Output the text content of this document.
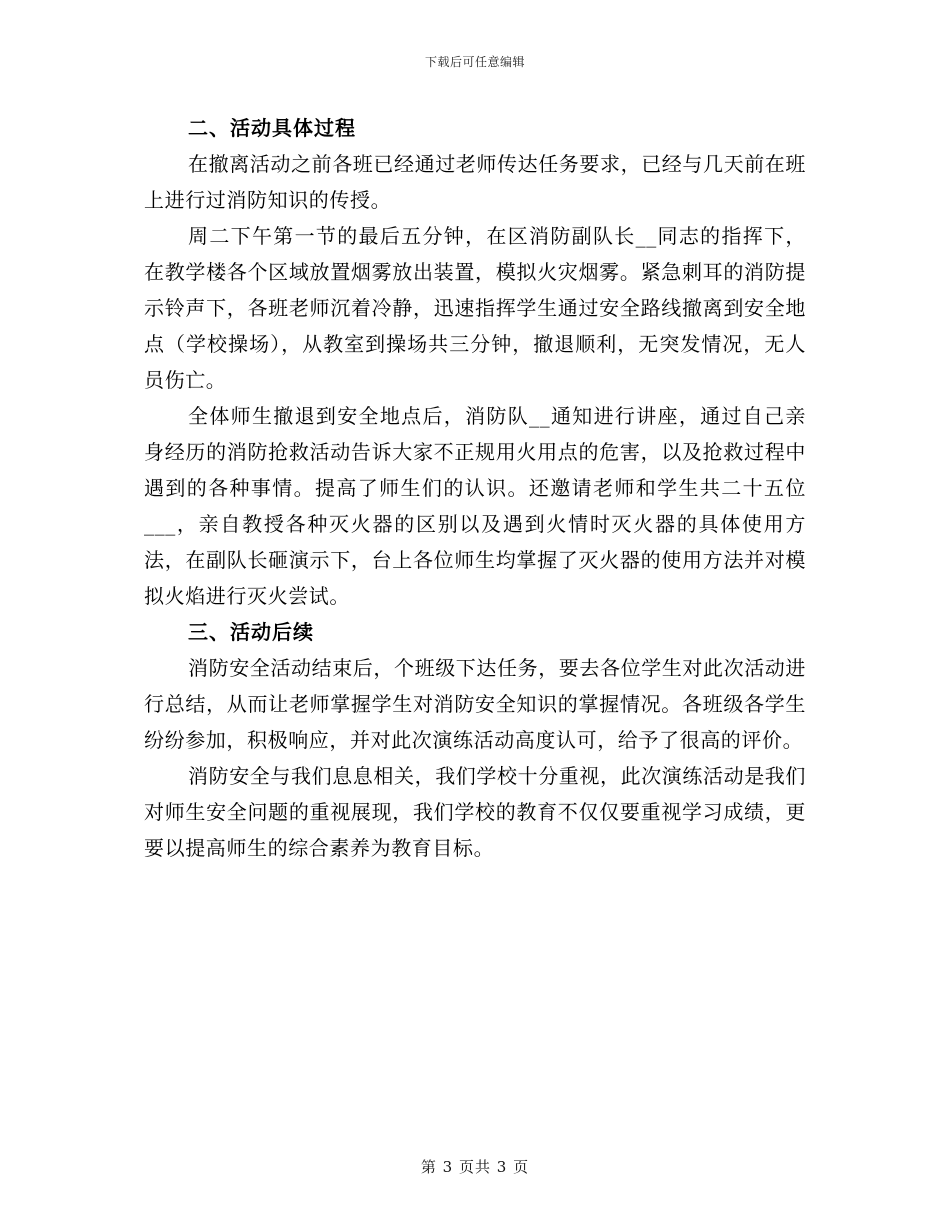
下载后可任意编辑
二、活动具体过程

在撤离活动之前各班已经通过老师传达任务要求，已经与几天前在班上进行过消防知识的传授。

周二下午第一节的最后五分钟，在区消防副队长__同志的指挥下，在教学楼各个区域放置烟雾放出装置，模拟火灾烟雾。紧急刺耳的消防提示铃声下，各班老师沉着冷静，迅速指挥学生通过安全路线撤离到安全地点（学校操场），从教室到操场共三分钟，撤退顺利，无突发情况，无人员伤亡。

全体师生撤退到安全地点后，消防队__通知进行讲座，通过自己亲身经历的消防抢救活动告诉大家不正规用火用点的危害，以及抢救过程中遇到的各种事情。提高了师生们的认识。还邀请老师和学生共二十五位___，亲自教授各种灭火器的区别以及遇到火情时灭火器的具体使用方法，在副队长砸演示下，台上各位师生均掌握了灭火器的使用方法并对模拟火焰进行灭火尝试。

三、活动后续

消防安全活动结束后，个班级下达任务，要去各位学生对此次活动进行总结，从而让老师掌握学生对消防安全知识的掌握情况。各班级各学生纷纷参加，积极响应，并对此次演练活动高度认可，给予了很高的评价。

消防安全与我们息息相关，我们学校十分重视，此次演练活动是我们对师生安全问题的重视展现，我们学校的教育不仅仅要重视学习成绩，更要以提高师生的综合素养为教育目标。

第 3 页共 3 页
